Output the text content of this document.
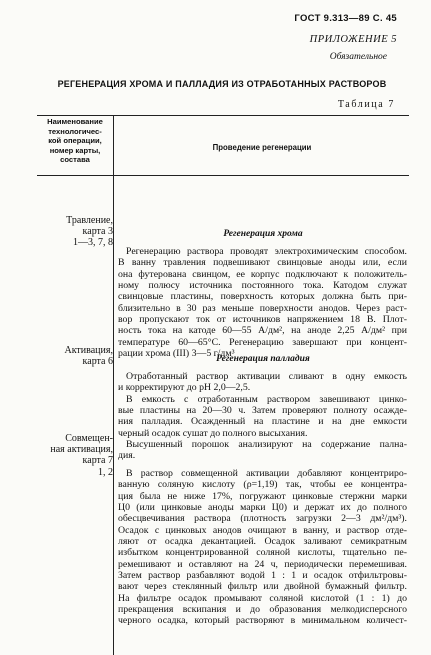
ГОСТ 9.313—89 С. 45
ПРИЛОЖЕНИЕ 5
Обязательное
РЕГЕНЕРАЦИЯ ХРОМА И ПАЛЛАДИЯ ИЗ ОТРАБОТАННЫХ РАСТВОРОВ
Таблица 7
Наименование
технологичес-
кой операции,
номер карты,
состава
Проведение регенерации
Травление,
карта 3
1—3, 7, 8
Активация,
карта 6
Совмещен-
ная активация,
карта 7
1, 2
Регенерация хрома
Регенерацию раствора проводят электрохимическим способом.
В ванну травления подвешивают свинцовые аноды или, если
она футерована свинцом, ее корпус подключают к положитель-
ному полюсу источника постоянного тока. Катодом служат
свинцовые пластины, поверхность которых должна быть при-
близительно в 30 раз меньше поверхности анодов. Через раст-
вор пропускают ток от источников напряжением 18 В. Плот-
ность тока на катоде 60—55 А/дм², на аноде 2,25 А/дм² при
температуре 60—65°С. Регенерацию завершают при концент-
рации хрома (III) 3—5 г/дм³
Регенерация палладия
Отработанный раствор активации сливают в одну емкость
и корректируют до pH 2,0—2,5.
В емкость с отработанным раствором завешивают цинко-
вые пластины на 20—30 ч. Затем проверяют полноту осажде-
ния палладия. Осажденный на пластине и на дне емкости
черный осадок сушат до полного высыхания.
Высушенный порошок анализируют на содержание пална-
дия.
В раствор совмещенной активации добавляют концентриро-
ванную соляную кислоту (ρ=1,19) так, чтобы ее концентра-
ция была не ниже 17%, погружают цинковые стержни марки
Ц0 (или цинковые аноды марки Ц0) и держат их до полного
обесцвечивания раствора (плотность загрузки 2—3 дм²/дм³).
Осадок с цинковых анодов очищают в ванну, и раствор отде-
ляют от осадка декантацией. Осадок заливают семикратным
избытком концентрированной соляной кислоты, тщательно пе-
ремешивают и оставляют на 24 ч, периодически перемешивая.
Затем раствор разбавляют водой 1 : 1 и осадок отфильтровы-
вают через стеклянный фильтр или двойной бумажный фильтр.
На фильтре осадок промывают соляной кислотой (1 : 1) до
прекращения вскипания и до образования мелкодисперсного
черного осадка, который растворяют в минимальном количест-
